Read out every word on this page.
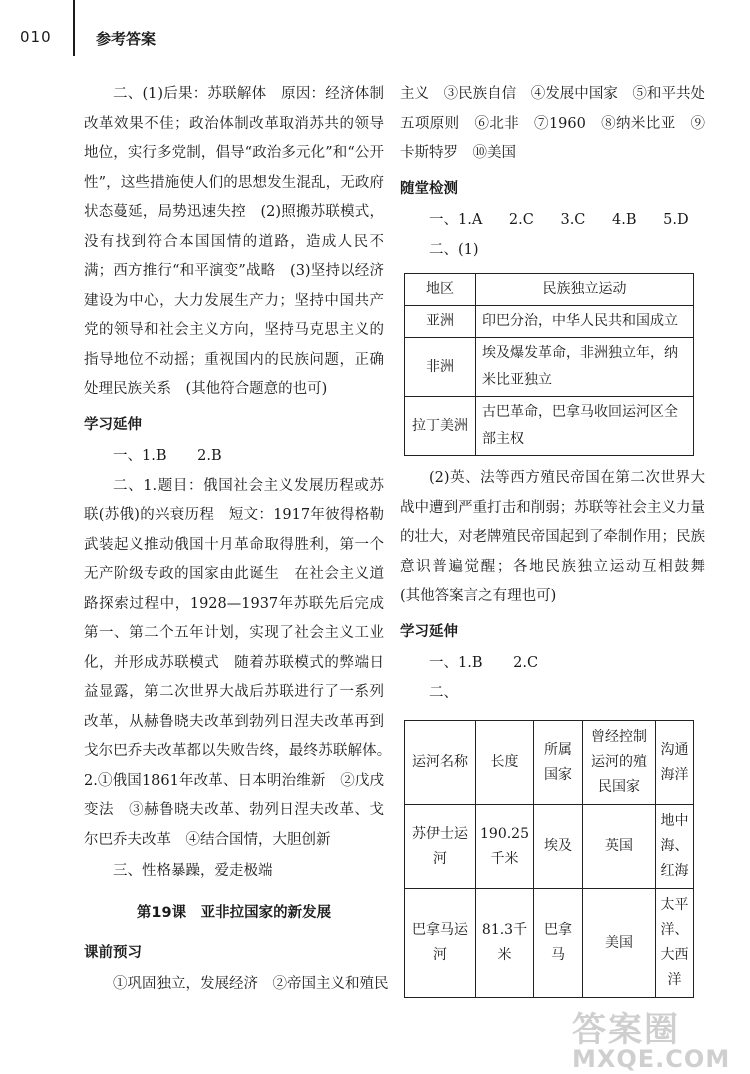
010	参考答案

二、(1)后果：苏联解体　原因：经济体制改革效果不佳；政治体制改革取消苏共的领导地位，实行多党制，倡导“政治多元化”和“公开性”，这些措施使人们的思想发生混乱，无政府状态蔓延，局势迅速失控　(2)照搬苏联模式，没有找到符合本国国情的道路，造成人民不满；西方推行“和平演变”战略　(3)坚持以经济建设为中心，大力发展生产力；坚持中国共产党的领导和社会主义方向，坚持马克思主义的指导地位不动摇；重视国内的民族问题，正确处理民族关系　(其他符合题意的也可)

学习延伸

一、1.B 2.B

二、1.题目：俄国社会主义发展历程或苏联(苏俄)的兴衰历程　短文：1917年彼得格勒武装起义推动俄国十月革命取得胜利，第一个无产阶级专政的国家由此诞生　在社会主义道路探索过程中，1928—1937年苏联先后完成第一、第二个五年计划，实现了社会主义工业化，并形成苏联模式　随着苏联模式的弊端日益显露，第二次世界大战后苏联进行了一系列改革，从赫鲁晓夫改革到勃列日涅夫改革再到戈尔巴乔夫改革都以失败告终，最终苏联解体。　2.①俄国1861年改革、日本明治维新　②戊戌变法　③赫鲁晓夫改革、勃列日涅夫改革、戈尔巴乔夫改革　④结合国情，大胆创新

三、性格暴躁，爱走极端

第19课　亚非拉国家的新发展
课前预习

①巩固独立，发展经济　②帝国主义和殖民

主义　③民族自信　④发展中国家　⑤和平共处五项原则　⑥北非　⑦1960　⑧纳米比亚　⑨卡斯特罗　⑩美国

随堂检测

一、1.A 2.C 3.C 4.B 5.D

二、(1)

地区	民族独立运动
亚洲	印巴分治，中华人民共和国成立
非洲	埃及爆发革命，非洲独立年，纳米比亚独立
拉丁美洲	古巴革命，巴拿马收回运河区全部主权

(2)英、法等西方殖民帝国在第二次世界大战中遭到严重打击和削弱；苏联等社会主义力量的壮大，对老牌殖民帝国起到了牵制作用；民族意识普遍觉醒；各地民族独立运动互相鼓舞　(其他答案言之有理也可)

学习延伸

一、1.B 2.C

二、

运河名称	长度	所属国家	曾经控制运河的殖民国家	沟通海洋
苏伊士运河	190.25千米	埃及	英国	地中海、红海
巴拿马运河	81.3千米	巴拿马	美国	太平洋、大西洋
答案圈
MXQE.COM
